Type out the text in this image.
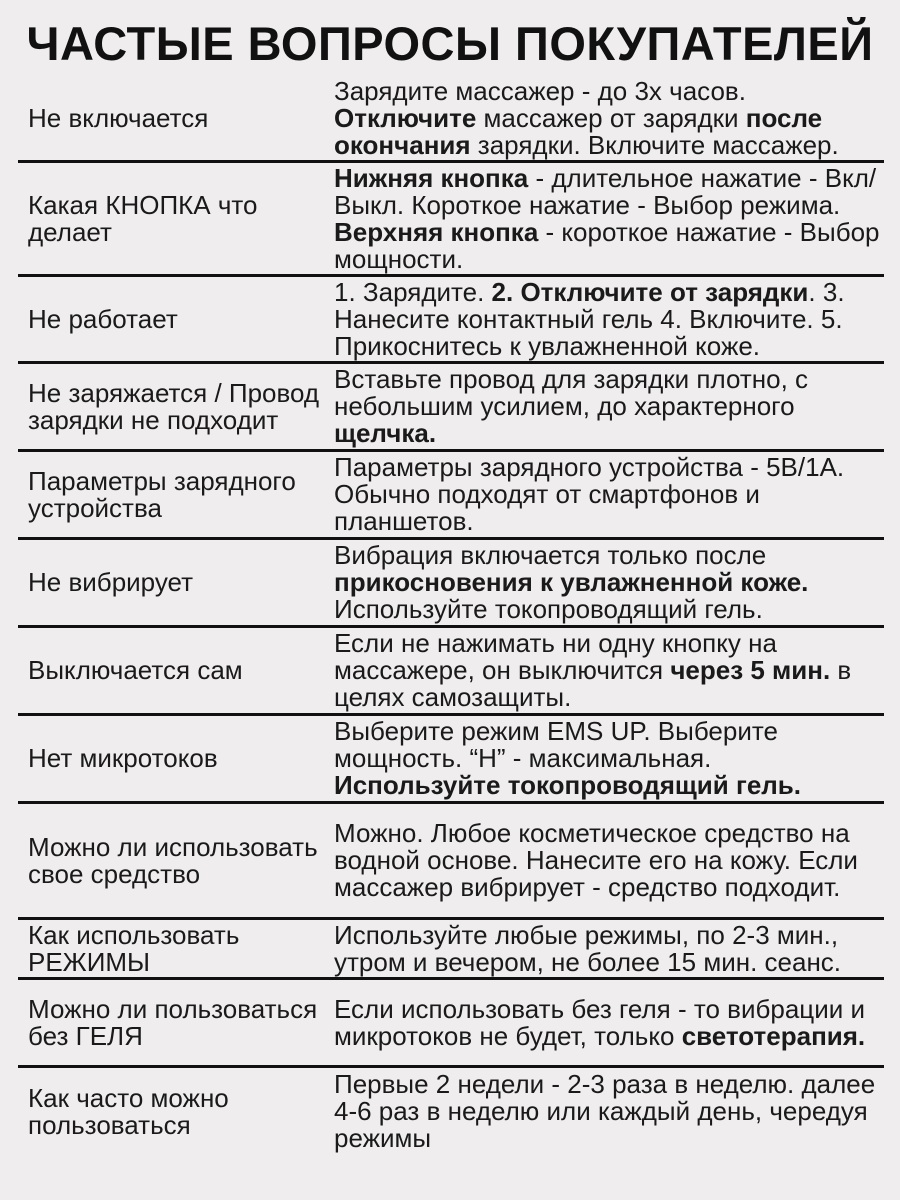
ЧАСТЫЕ ВОПРОСЫ ПОКУПАТЕЛЕЙ
Не включается
Зарядите массажер - до 3х часов. Отключите массажер от зарядки после окончания зарядки. Включите массажер.
Какая КНОПКА что делает
Нижняя кнопка - длительное нажатие - Вкл/Выкл. Короткое нажатие - Выбор режима. Верхняя кнопка - короткое нажатие - Выбор мощности.
Не работает
1. Зарядите. 2. Отключите от зарядки. 3. Нанесите контактный гель 4. Включите. 5. Прикоснитесь к увлажненной коже.
Не заряжается / Провод зарядки не подходит
Вставьте провод для зарядки плотно, с небольшим усилием, до характерного щелчка.
Параметры зарядного устройства
Параметры зарядного устройства - 5В/1А. Обычно подходят от смартфонов и планшетов.
Не вибрирует
Вибрация включается только после прикосновения к увлажненной коже. Используйте токопроводящий гель.
Выключается сам
Если не нажимать ни одну кнопку на массажере, он выключится через 5 мин. в целях самозащиты.
Нет микротоков
Выберите режим EMS UP. Выберите мощность. “H” - максимальная. Используйте токопроводящий гель.
Можно ли использовать свое средство
Можно. Любое косметическое средство на водной основе. Нанесите его на кожу. Если массажер вибрирует - средство подходит.
Как использовать РЕЖИМЫ
Используйте любые режимы, по 2-3 мин., утром и вечером, не более 15 мин. сеанс.
Можно ли пользоваться без ГЕЛЯ
Если использовать без геля - то вибрации и микротоков не будет, только светотерапия.
Как часто можно пользоваться
Первые 2 недели - 2-3 раза в неделю. далее 4-6 раз в неделю или каждый день, чередуя режимы
